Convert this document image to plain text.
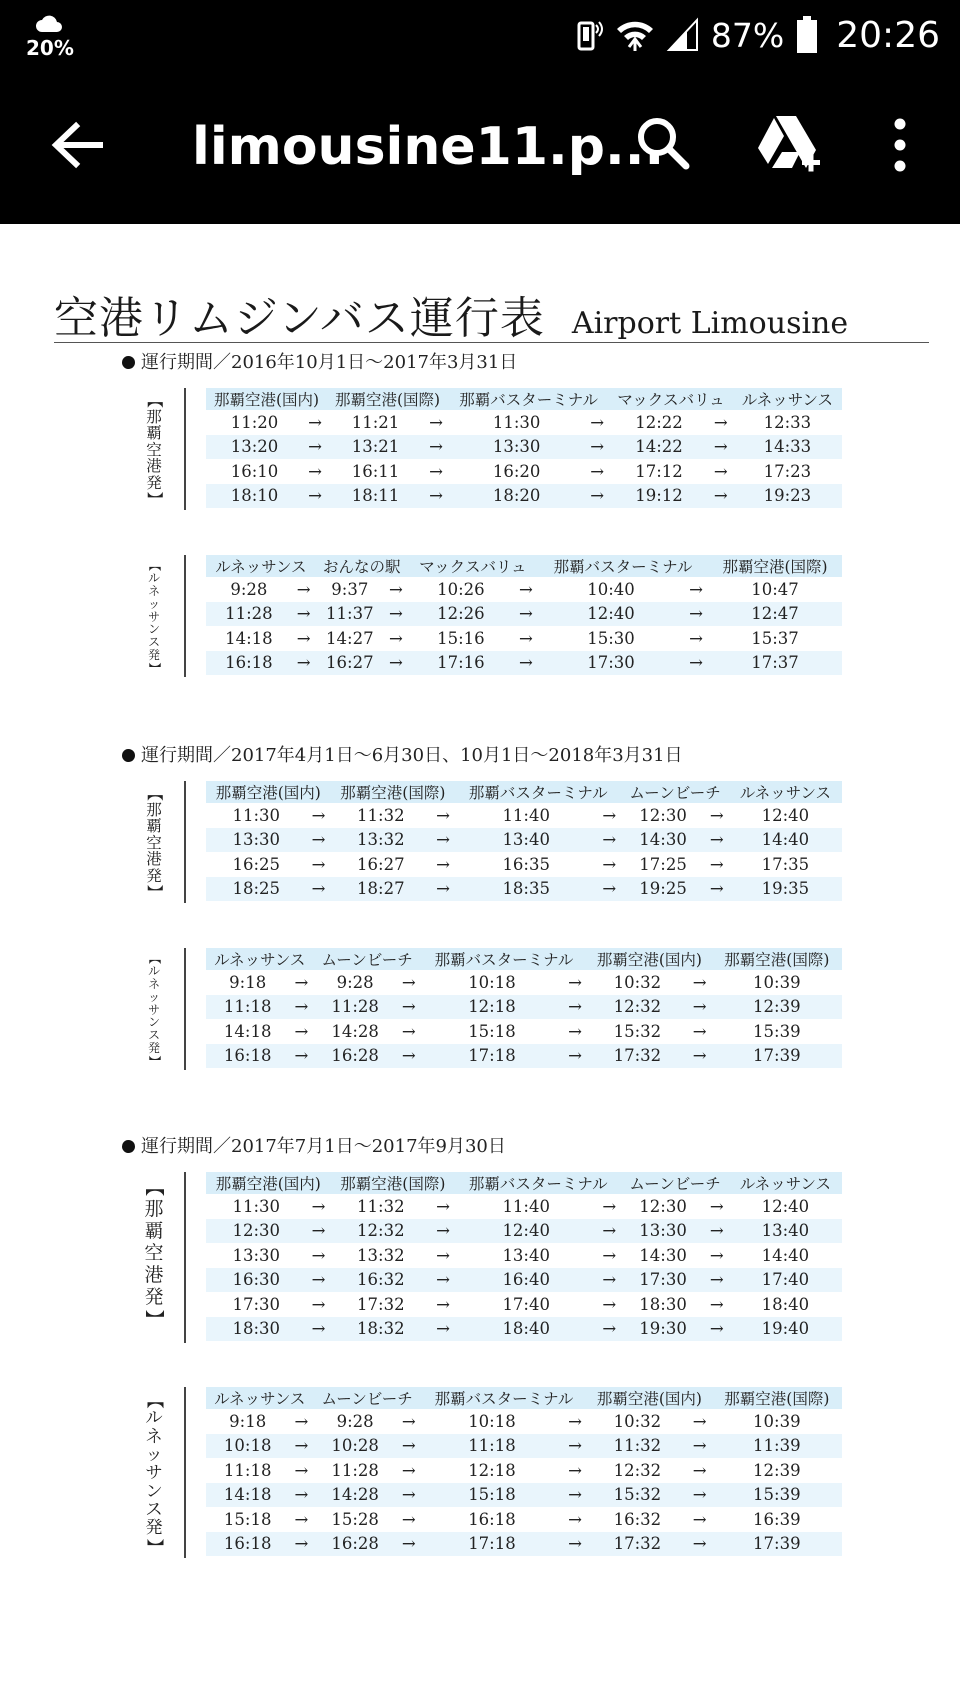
20%	87% 20:26
limousine11.p...
空港リムジンバス運行表 Airport Limousine
運行期間／2016年10月1日～2017年3月31日
【
那
覇
空
港
発
】
那覇空港(国内)		那覇空港(国際)		那覇バスターミナル		マックスバリュ		ルネッサンス
11:20	→	11:21	→	11:30	→	12:22	→	12:33
13:20	→	13:21	→	13:30	→	14:22	→	14:33
16:10	→	16:11	→	16:20	→	17:12	→	17:23
18:10	→	18:11	→	18:20	→	19:12	→	19:23
【
ル
ネ
ッ
サ
ン
ス
発
】
ルネッサンス		おんなの駅		マックスバリュ		那覇バスターミナル		那覇空港(国際)
9:28	→	9:37	→	10:26	→	10:40	→	10:47
11:28	→	11:37	→	12:26	→	12:40	→	12:47
14:18	→	14:27	→	15:16	→	15:30	→	15:37
16:18	→	16:27	→	17:16	→	17:30	→	17:37
運行期間／2017年4月1日～6月30日、10月1日～2018年3月31日
【
那
覇
空
港
発
】
那覇空港(国内)		那覇空港(国際)		那覇バスターミナル		ムーンビーチ		ルネッサンス
11:30	→	11:32	→	11:40	→	12:30	→	12:40
13:30	→	13:32	→	13:40	→	14:30	→	14:40
16:25	→	16:27	→	16:35	→	17:25	→	17:35
18:25	→	18:27	→	18:35	→	19:25	→	19:35
【
ル
ネ
ッ
サ
ン
ス
発
】
ルネッサンス		ムーンビーチ		那覇バスターミナル		那覇空港(国内)		那覇空港(国際)
9:18	→	9:28	→	10:18	→	10:32	→	10:39
11:18	→	11:28	→	12:18	→	12:32	→	12:39
14:18	→	14:28	→	15:18	→	15:32	→	15:39
16:18	→	16:28	→	17:18	→	17:32	→	17:39
運行期間／2017年7月1日～2017年9月30日
【
那
覇
空
港
発
】
那覇空港(国内)		那覇空港(国際)		那覇バスターミナル		ムーンビーチ		ルネッサンス
11:30	→	11:32	→	11:40	→	12:30	→	12:40
12:30	→	12:32	→	12:40	→	13:30	→	13:40
13:30	→	13:32	→	13:40	→	14:30	→	14:40
16:30	→	16:32	→	16:40	→	17:30	→	17:40
17:30	→	17:32	→	17:40	→	18:30	→	18:40
18:30	→	18:32	→	18:40	→	19:30	→	19:40
【
ル
ネ
ッ
サ
ン
ス
発
】
ルネッサンス		ムーンビーチ		那覇バスターミナル		那覇空港(国内)		那覇空港(国際)
9:18	→	9:28	→	10:18	→	10:32	→	10:39
10:18	→	10:28	→	11:18	→	11:32	→	11:39
11:18	→	11:28	→	12:18	→	12:32	→	12:39
14:18	→	14:28	→	15:18	→	15:32	→	15:39
15:18	→	15:28	→	16:18	→	16:32	→	16:39
16:18	→	16:28	→	17:18	→	17:32	→	17:39
